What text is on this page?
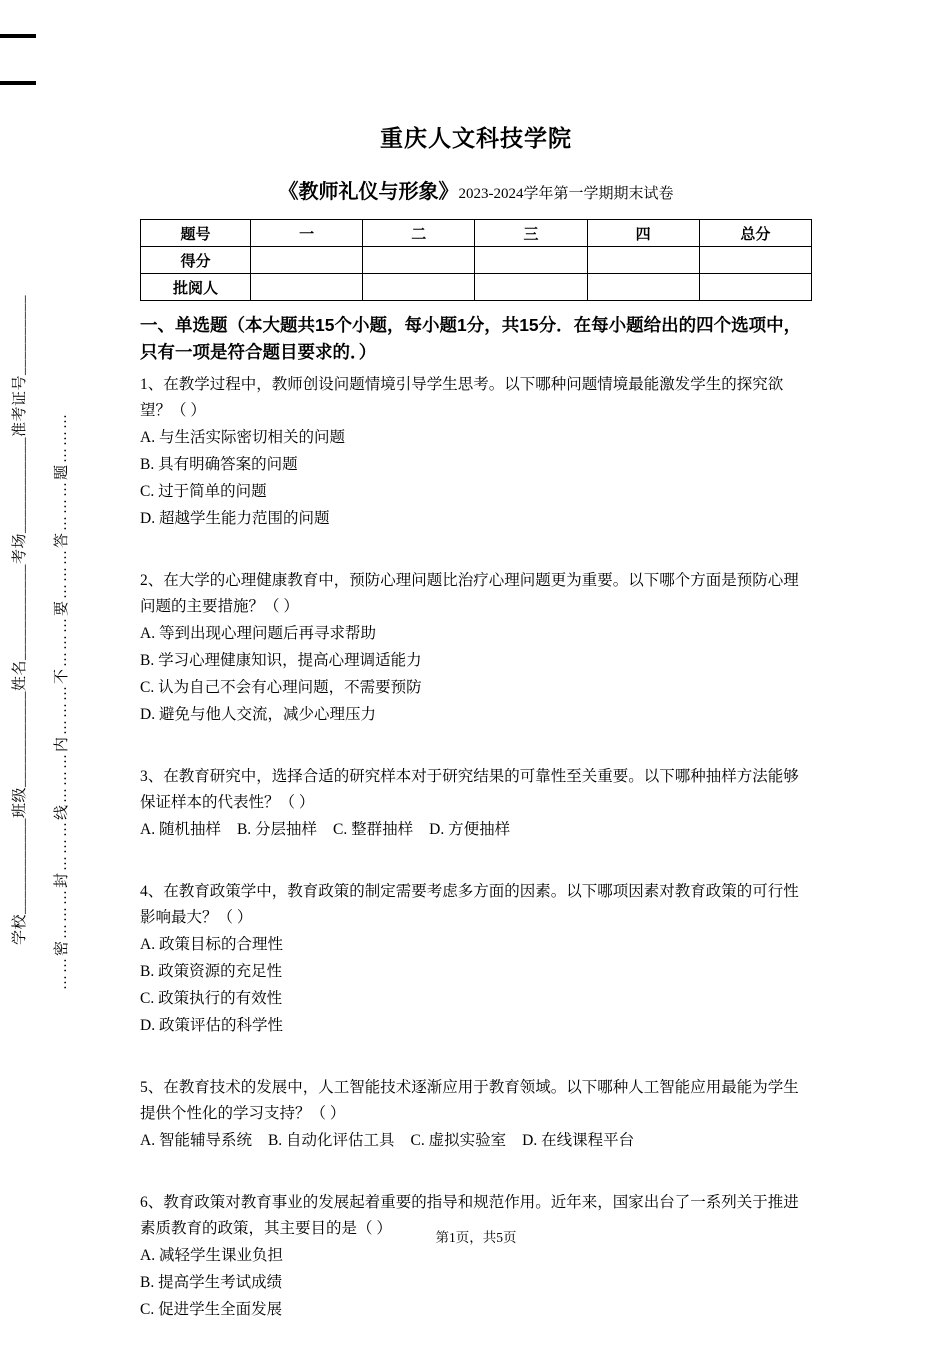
学校____________班级____________姓名____________考场____________准考证号__________ ……密………封………线………内………不………要………答………题………
重庆人文科技学院
《教师礼仪与形象》2023-2024学年第一学期期末试卷
题号	一	二	三	四	总分
得分					
批阅人					
一、单选题（本大题共15个小题，每小题1分，共15分．在每小题给出的四个选项中，只有一项是符合题目要求的．）
1、在教学过程中，教师创设问题情境引导学生思考。以下哪种问题情境最能激发学生的探究欲望？（ ）
A. 与生活实际密切相关的问题
B. 具有明确答案的问题
C. 过于简单的问题
D. 超越学生能力范围的问题
2、在大学的心理健康教育中，预防心理问题比治疗心理问题更为重要。以下哪个方面是预防心理问题的主要措施？（ ）
A. 等到出现心理问题后再寻求帮助
B. 学习心理健康知识，提高心理调适能力
C. 认为自己不会有心理问题，不需要预防
D. 避免与他人交流，减少心理压力
3、在教育研究中，选择合适的研究样本对于研究结果的可靠性至关重要。以下哪种抽样方法能够保证样本的代表性？（ ）
A. 随机抽样 B. 分层抽样 C. 整群抽样 D. 方便抽样
4、在教育政策学中，教育政策的制定需要考虑多方面的因素。以下哪项因素对教育政策的可行性影响最大？（ ）
A. 政策目标的合理性
B. 政策资源的充足性
C. 政策执行的有效性
D. 政策评估的科学性
5、在教育技术的发展中，人工智能技术逐渐应用于教育领域。以下哪种人工智能应用最能为学生提供个性化的学习支持？（ ）
A. 智能辅导系统 B. 自动化评估工具 C. 虚拟实验室 D. 在线课程平台
6、教育政策对教育事业的发展起着重要的指导和规范作用。近年来，国家出台了一系列关于推进素质教育的政策，其主要目的是（ ）
A. 减轻学生课业负担
B. 提高学生考试成绩
C. 促进学生全面发展
第1页，共5页
